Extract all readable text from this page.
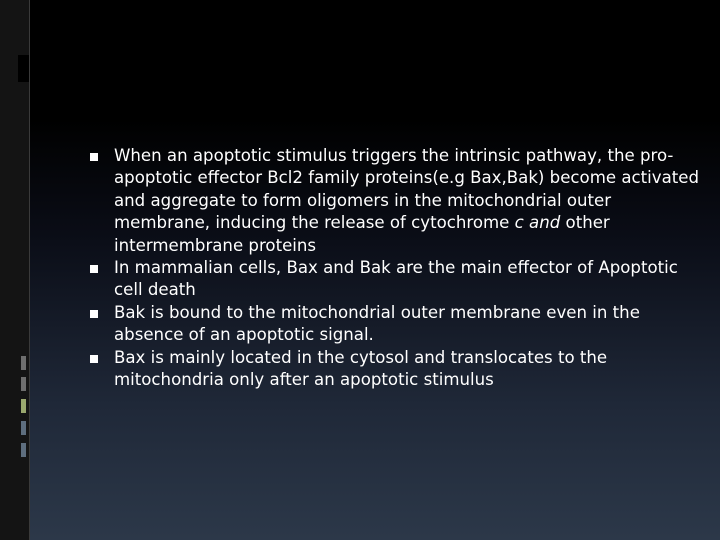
When an apoptotic stimulus triggers the intrinsic pathway, the pro-apoptotic effector Bcl2 family proteins(e.g Bax,Bak) become activated and aggregate to form oligomers in the mitochondrial outer membrane, inducing the release of cytochrome c and other intermembrane proteins
In mammalian cells, Bax and Bak are the main effector of Apoptotic cell death
Bak is bound to the mitochondrial outer membrane even in the absence of an apoptotic signal.
Bax is mainly located in the cytosol and translocates to the mitochondria only after an apoptotic stimulus
